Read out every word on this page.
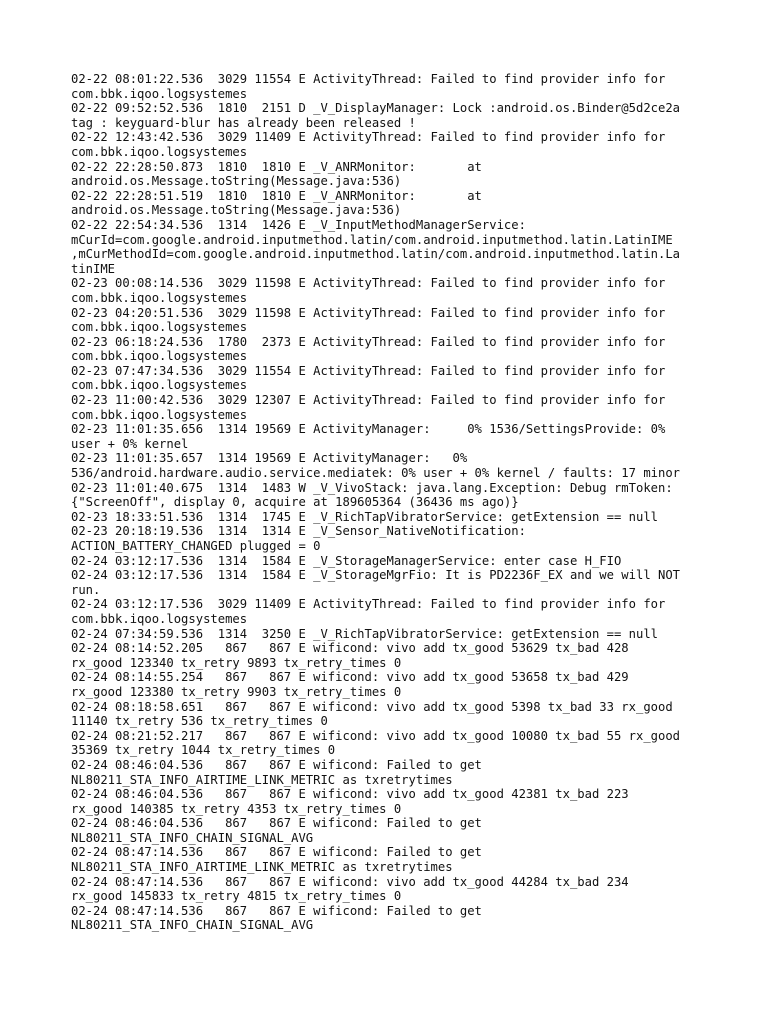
02-22 08:01:22.536  3029 11554 E ActivityThread: Failed to find provider info for
com.bbk.iqoo.logsystemes
02-22 09:52:52.536  1810  2151 D _V_DisplayManager: Lock :android.os.Binder@5d2ce2a
tag : keyguard-blur has already been released !
02-22 12:43:42.536  3029 11409 E ActivityThread: Failed to find provider info for
com.bbk.iqoo.logsystemes
02-22 22:28:50.873  1810  1810 E _V_ANRMonitor:       at
android.os.Message.toString(Message.java:536)
02-22 22:28:51.519  1810  1810 E _V_ANRMonitor:       at
android.os.Message.toString(Message.java:536)
02-22 22:54:34.536  1314  1426 E _V_InputMethodManagerService:
mCurId=com.google.android.inputmethod.latin/com.android.inputmethod.latin.LatinIME
,mCurMethodId=com.google.android.inputmethod.latin/com.android.inputmethod.latin.La
tinIME
02-23 00:08:14.536  3029 11598 E ActivityThread: Failed to find provider info for
com.bbk.iqoo.logsystemes
02-23 04:20:51.536  3029 11598 E ActivityThread: Failed to find provider info for
com.bbk.iqoo.logsystemes
02-23 06:18:24.536  1780  2373 E ActivityThread: Failed to find provider info for
com.bbk.iqoo.logsystemes
02-23 07:47:34.536  3029 11554 E ActivityThread: Failed to find provider info for
com.bbk.iqoo.logsystemes
02-23 11:00:42.536  3029 12307 E ActivityThread: Failed to find provider info for
com.bbk.iqoo.logsystemes
02-23 11:01:35.656  1314 19569 E ActivityManager:     0% 1536/SettingsProvide: 0%
user + 0% kernel
02-23 11:01:35.657  1314 19569 E ActivityManager:   0%
536/android.hardware.audio.service.mediatek: 0% user + 0% kernel / faults: 17 minor
02-23 11:01:40.675  1314  1483 W _V_VivoStack: java.lang.Exception: Debug rmToken:
{"ScreenOff", display 0, acquire at 189605364 (36436 ms ago)}
02-23 18:33:51.536  1314  1745 E _V_RichTapVibratorService: getExtension == null
02-23 20:18:19.536  1314  1314 E _V_Sensor_NativeNotification:
ACTION_BATTERY_CHANGED plugged = 0
02-24 03:12:17.536  1314  1584 E _V_StorageManagerService: enter case H_FIO
02-24 03:12:17.536  1314  1584 E _V_StorageMgrFio: It is PD2236F_EX and we will NOT
run.
02-24 03:12:17.536  3029 11409 E ActivityThread: Failed to find provider info for
com.bbk.iqoo.logsystemes
02-24 07:34:59.536  1314  3250 E _V_RichTapVibratorService: getExtension == null
02-24 08:14:52.205   867   867 E wificond: vivo add tx_good 53629 tx_bad 428
rx_good 123340 tx_retry 9893 tx_retry_times 0
02-24 08:14:55.254   867   867 E wificond: vivo add tx_good 53658 tx_bad 429
rx_good 123380 tx_retry 9903 tx_retry_times 0
02-24 08:18:58.651   867   867 E wificond: vivo add tx_good 5398 tx_bad 33 rx_good
11140 tx_retry 536 tx_retry_times 0
02-24 08:21:52.217   867   867 E wificond: vivo add tx_good 10080 tx_bad 55 rx_good
35369 tx_retry 1044 tx_retry_times 0
02-24 08:46:04.536   867   867 E wificond: Failed to get
NL80211_STA_INFO_AIRTIME_LINK_METRIC as txretrytimes
02-24 08:46:04.536   867   867 E wificond: vivo add tx_good 42381 tx_bad 223
rx_good 140385 tx_retry 4353 tx_retry_times 0
02-24 08:46:04.536   867   867 E wificond: Failed to get
NL80211_STA_INFO_CHAIN_SIGNAL_AVG
02-24 08:47:14.536   867   867 E wificond: Failed to get
NL80211_STA_INFO_AIRTIME_LINK_METRIC as txretrytimes
02-24 08:47:14.536   867   867 E wificond: vivo add tx_good 44284 tx_bad 234
rx_good 145833 tx_retry 4815 tx_retry_times 0
02-24 08:47:14.536   867   867 E wificond: Failed to get
NL80211_STA_INFO_CHAIN_SIGNAL_AVG
